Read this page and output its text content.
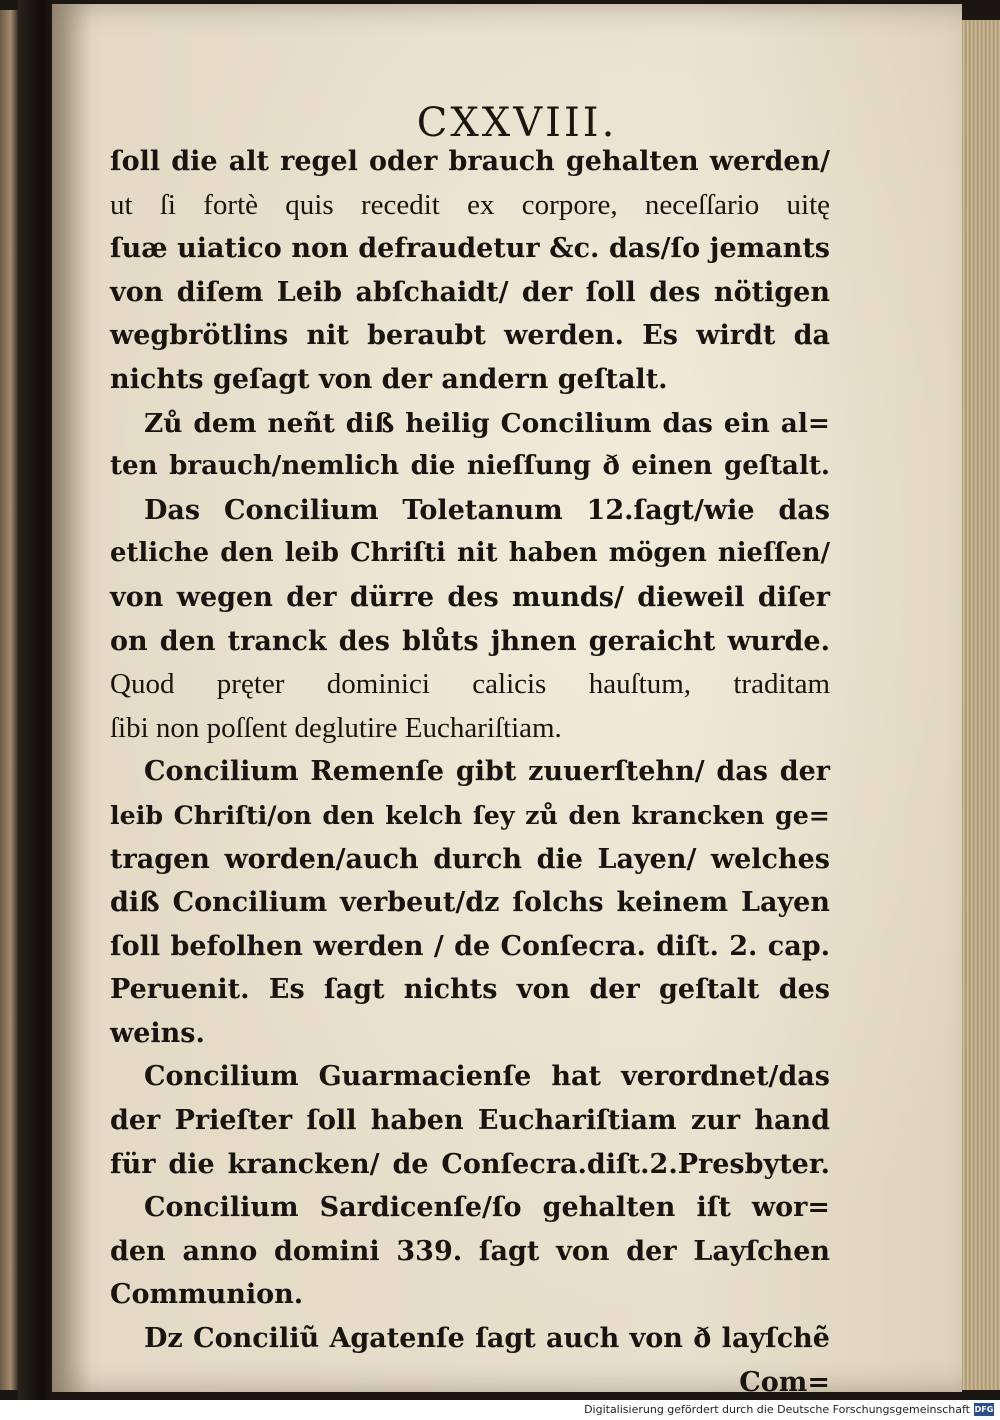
CXXVIII.
ſoll die alt regel oder brauch gehalten werden/
ut ſi fortè quis recedit ex corpore, neceſſario uitę
ſuæ uiatico non defraudetur &c. das/ſo jemants
von diſem Leib abſchaidt/ der ſoll des nötigen
wegbrötlins nit beraubt werden. Es wirdt da
nichts geſagt von der andern geſtalt.
Zů dem neñt diß heilig Concilium das ein al=
ten brauch/nemlich die nieſſung ð einen geſtalt.
Das Concilium Toletanum 12.ſagt/wie das
etliche den leib Chriſti nit haben mögen nieſſen/
von wegen der dürre des munds/ dieweil diſer
on den tranck des blůts jhnen geraicht wurde.
Quod pręter dominici calicis hauſtum, traditam
ſibi non poſſent deglutire Euchariſtiam.
Concilium Remenſe gibt zuuerſtehn/ das der
leib Chriſti/on den kelch ſey zů den krancken ge=
tragen worden/auch durch die Layen/ welches
diß Concilium verbeut/dz ſolchs keinem Layen
ſoll befolhen werden / de Conſecra. diſt. 2. cap.
Peruenit. Es ſagt nichts von der geſtalt des
weins.
Concilium Guarmacienſe hat verordnet/das
der Prieſter ſoll haben Euchariſtiam zur hand
für die krancken/ de Conſecra.diſt.2.Presbyter.
Concilium Sardicenſe/ſo gehalten iſt wor=
den anno domini 339. ſagt von der Layſchen
Communion.
Dz Conciliũ Agatenſe ſagt auch von ð layſchẽ
Com=
Digitalisierung gefördert durch die Deutsche Forschungsgemeinschaft DFG
